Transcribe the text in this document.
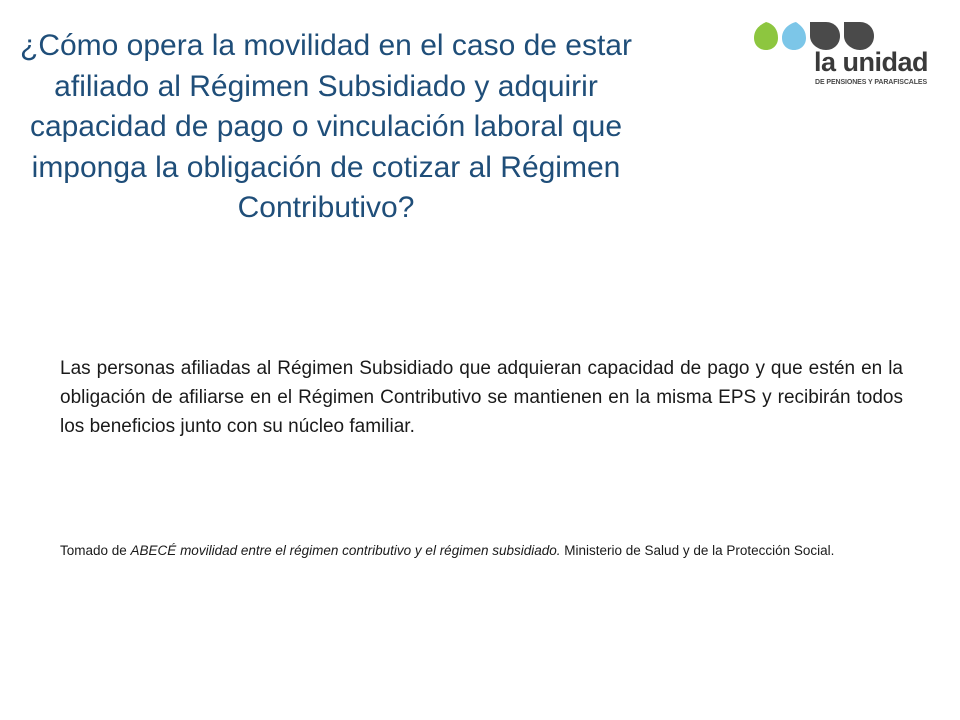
¿Cómo opera la movilidad en el caso de estar afiliado al Régimen Subsidiado y adquirir capacidad de pago o vinculación laboral que imponga la obligación de cotizar al Régimen Contributivo?
la unidad
DE PENSIONES Y PARAFISCALES

Las personas afiliadas al Régimen Subsidiado que adquieran capacidad de pago y que estén en la obligación de afiliarse en el Régimen Contributivo se mantienen en la misma EPS y recibirán todos los beneficios junto con su núcleo familiar.

Tomado de ABECÉ movilidad entre el régimen contributivo y el régimen subsidiado. Ministerio de Salud y de la Protección Social.
